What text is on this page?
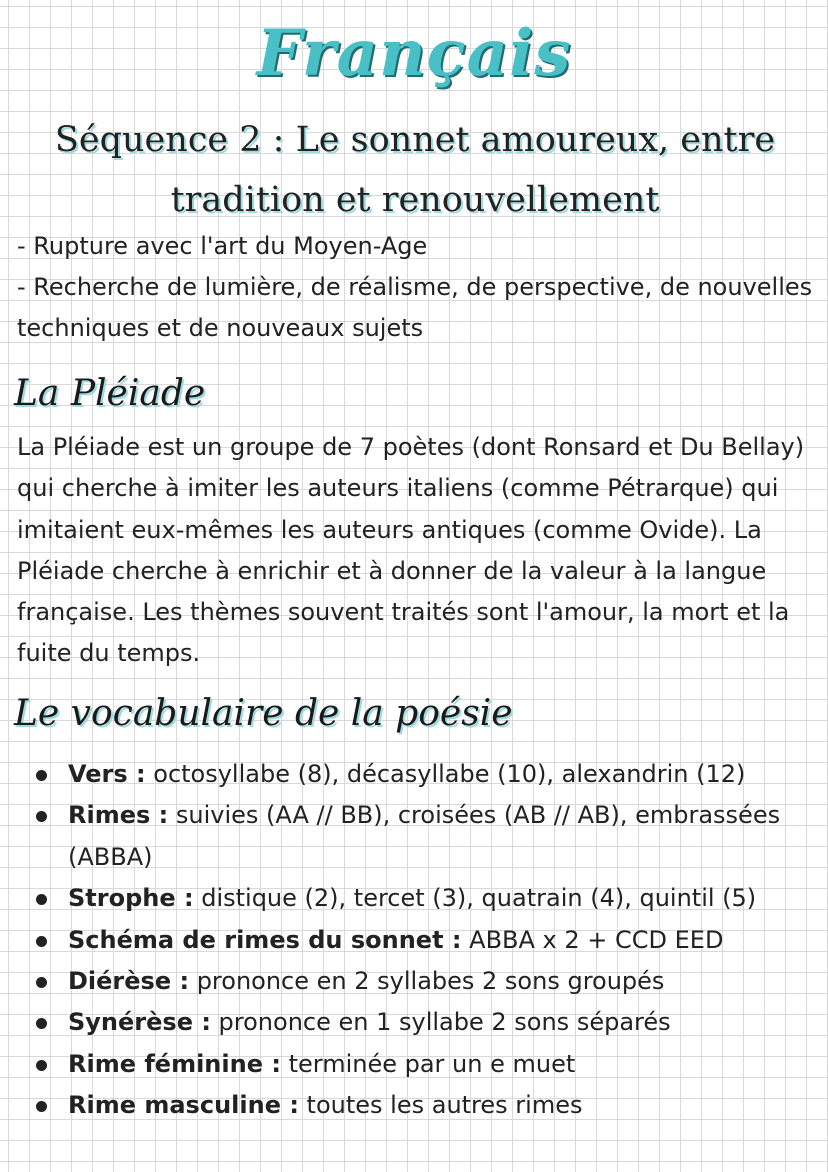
Français
Séquence 2 : Le sonnet amoureux, entre tradition et renouvellement

- Rupture avec l'art du Moyen-Age

- Recherche de lumière, de réalisme, de perspective, de nouvelles techniques et de nouveaux sujets

La Pléiade

La Pléiade est un groupe de 7 poètes (dont Ronsard et Du Bellay) qui cherche à imiter les auteurs italiens (comme Pétrarque) qui imitaient eux-mêmes les auteurs antiques (comme Ovide). La Pléiade cherche à enrichir et à donner de la valeur à la langue française. Les thèmes souvent traités sont l'amour, la mort et la fuite du temps.

Le vocabulaire de la poésie
Vers : octosyllabe (8), décasyllabe (10), alexandrin (12)
Rimes : suivies (AA // BB), croisées (AB // AB), embrassées (ABBA)
Strophe : distique (2), tercet (3), quatrain (4), quintil (5)
Schéma de rimes du sonnet : ABBA x 2 + CCD EED
Diérèse : prononce en 2 syllabes 2 sons groupés
Synérèse : prononce en 1 syllabe 2 sons séparés
Rime féminine : terminée par un e muet
Rime masculine : toutes les autres rimes
